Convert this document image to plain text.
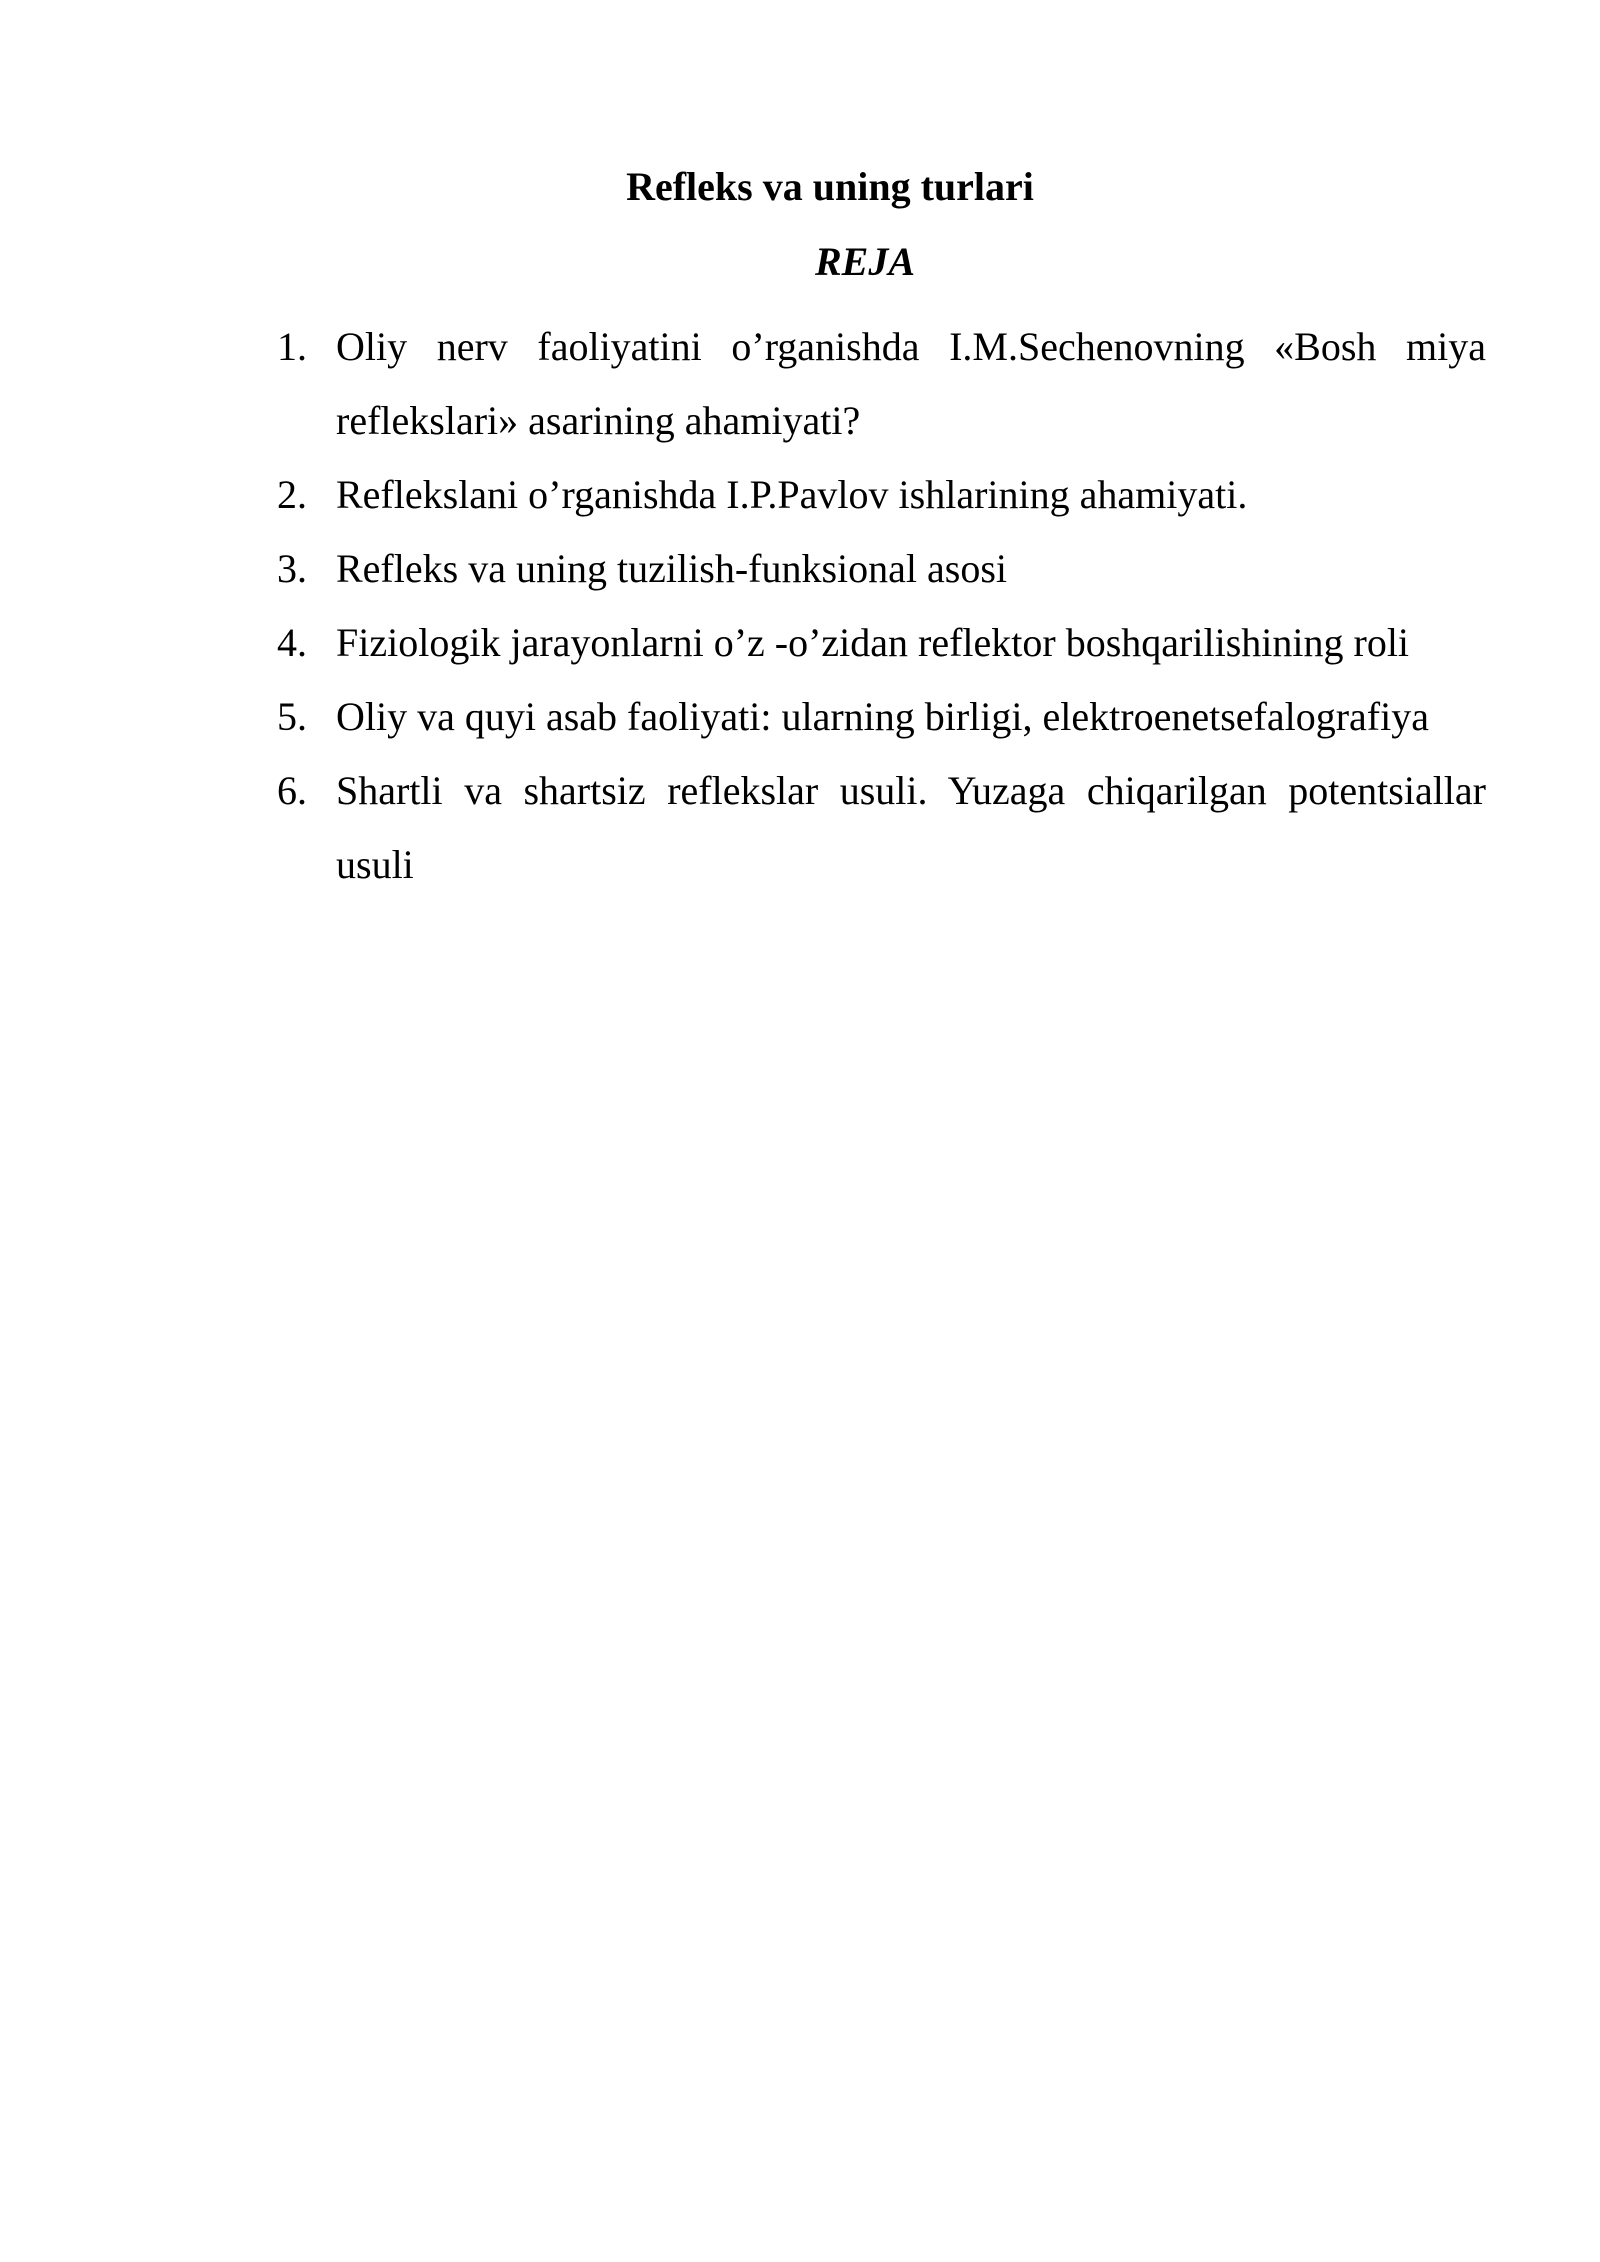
Refleks va uning turlari
REJA
1. Oliy nerv faoliyatini o’rganishda I.M.Sechenovning «Bosh miya reflekslari» asarining ahamiyati?
2. Reflekslani o’rganishda I.P.Pavlov ishlarining ahamiyati.
3. Refleks va uning tuzilish-funksional asosi
4. Fiziologik jarayonlarni o’z -o’zidan reflektor boshqarilishining roli
5. Oliy va quyi asab faoliyati: ularning birligi, elektroenetsefalografiya
6. Shartli va shartsiz reflekslar usuli. Yuzaga chiqarilgan potentsiallar usuli
